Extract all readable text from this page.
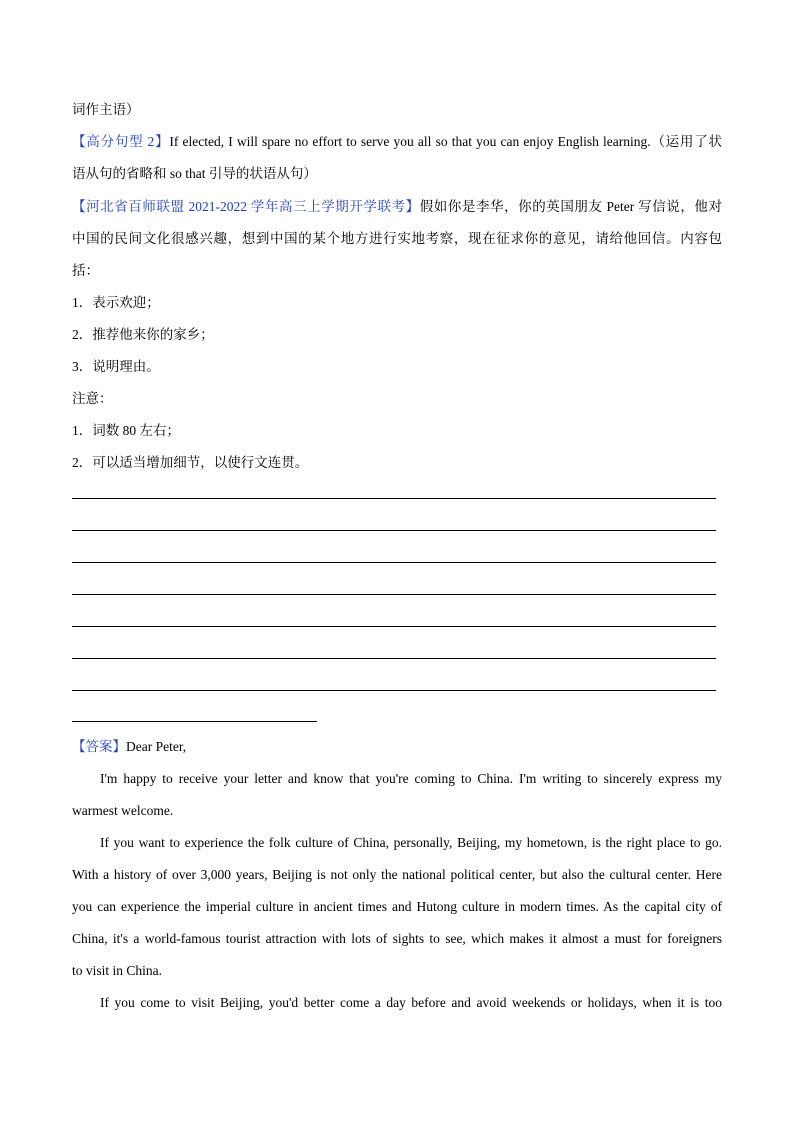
词作主语）
【高分句型 2】If elected, I will spare no effort to serve you all so that you can enjoy English learning.（运用了状
语从句的省略和 so that 引导的状语从句）
【河北省百师联盟 2021-2022 学年高三上学期开学联考】假如你是李华，你的英国朋友 Peter 写信说，他对
中国的民间文化很感兴趣，想到中国的某个地方进行实地考察，现在征求你的意见，请给他回信。内容包
括：
1．表示欢迎；
2．推荐他来你的家乡；
3．说明理由。
注意：
1．词数 80 左右；
2．可以适当增加细节，以使行文连贯。
【答案】Dear Peter,
I'm happy to receive your letter and know that you're coming to China. I'm writing to sincerely express my
warmest welcome.
If you want to experience the folk culture of China, personally, Beijing, my hometown, is the right place to go.
With a history of over 3,000 years, Beijing is not only the national political center, but also the cultural center. Here
you can experience the imperial culture in ancient times and Hutong culture in modern times. As the capital city of
China, it's a world-famous tourist attraction with lots of sights to see, which makes it almost a must for foreigners
to visit in China.
If you come to visit Beijing, you'd better come a day before and avoid weekends or holidays, when it is too
